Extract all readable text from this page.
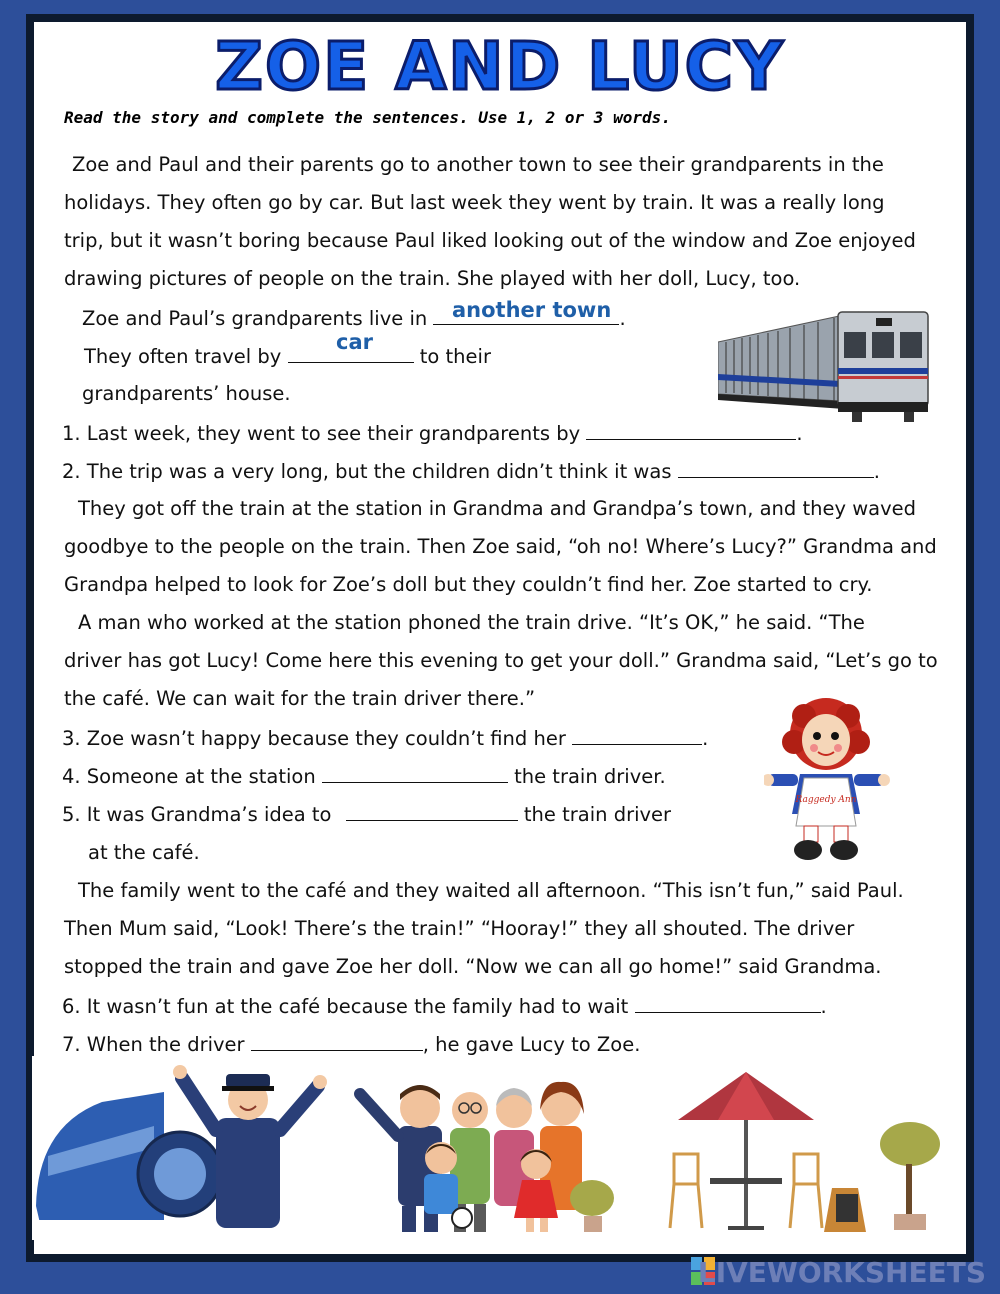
ZOE AND LUCY
Read the story and complete the sentences. Use 1, 2 or 3 words.
Zoe and Paul and their parents go to another town to see their grandparents in the
holidays. They often go by car. But last week they went by train. It was a really long
trip, but it wasn’t boring because Paul liked looking out of the window and Zoe enjoyed
drawing pictures of people on the train. She played with her doll, Lucy, too.
Zoe and Paul’s grandparents live in	.
another town
They often travel by	to their
car
grandparents’ house.
1. Last week, they went to see their grandparents by	.
2. The trip was a very long, but the children didn’t think it was	.
They got off the train at the station in Grandma and Grandpa’s town, and they waved
goodbye to the people on the train. Then Zoe said, “oh no! Where’s Lucy?” Grandma and
Grandpa helped to look for Zoe’s doll but they couldn’t find her. Zoe started to cry.
A man who worked at the station phoned the train drive. “It’s OK,” he said. “The
driver has got Lucy! Come here this evening to get your doll.” Grandma said, “Let’s go to
the café. We can wait for the train driver there.”
3. Zoe wasn’t happy because they couldn’t find her	.
4. Someone at the station	the train driver.
5. It was Grandma’s idea to	the train driver
at the café.
The family went to the café and they waited all afternoon. “This isn’t fun,” said Paul.
Then Mum said, “Look! There’s the train!” “Hooray!” they all shouted. The driver
stopped the train and gave Zoe her doll. “Now we can all go home!” said Grandma.
6. It wasn’t fun at the café because the family had to wait	.
7. When the driver	, he gave Lucy to Zoe.
Raggedy Ann
LIVEWORKSHEETS
